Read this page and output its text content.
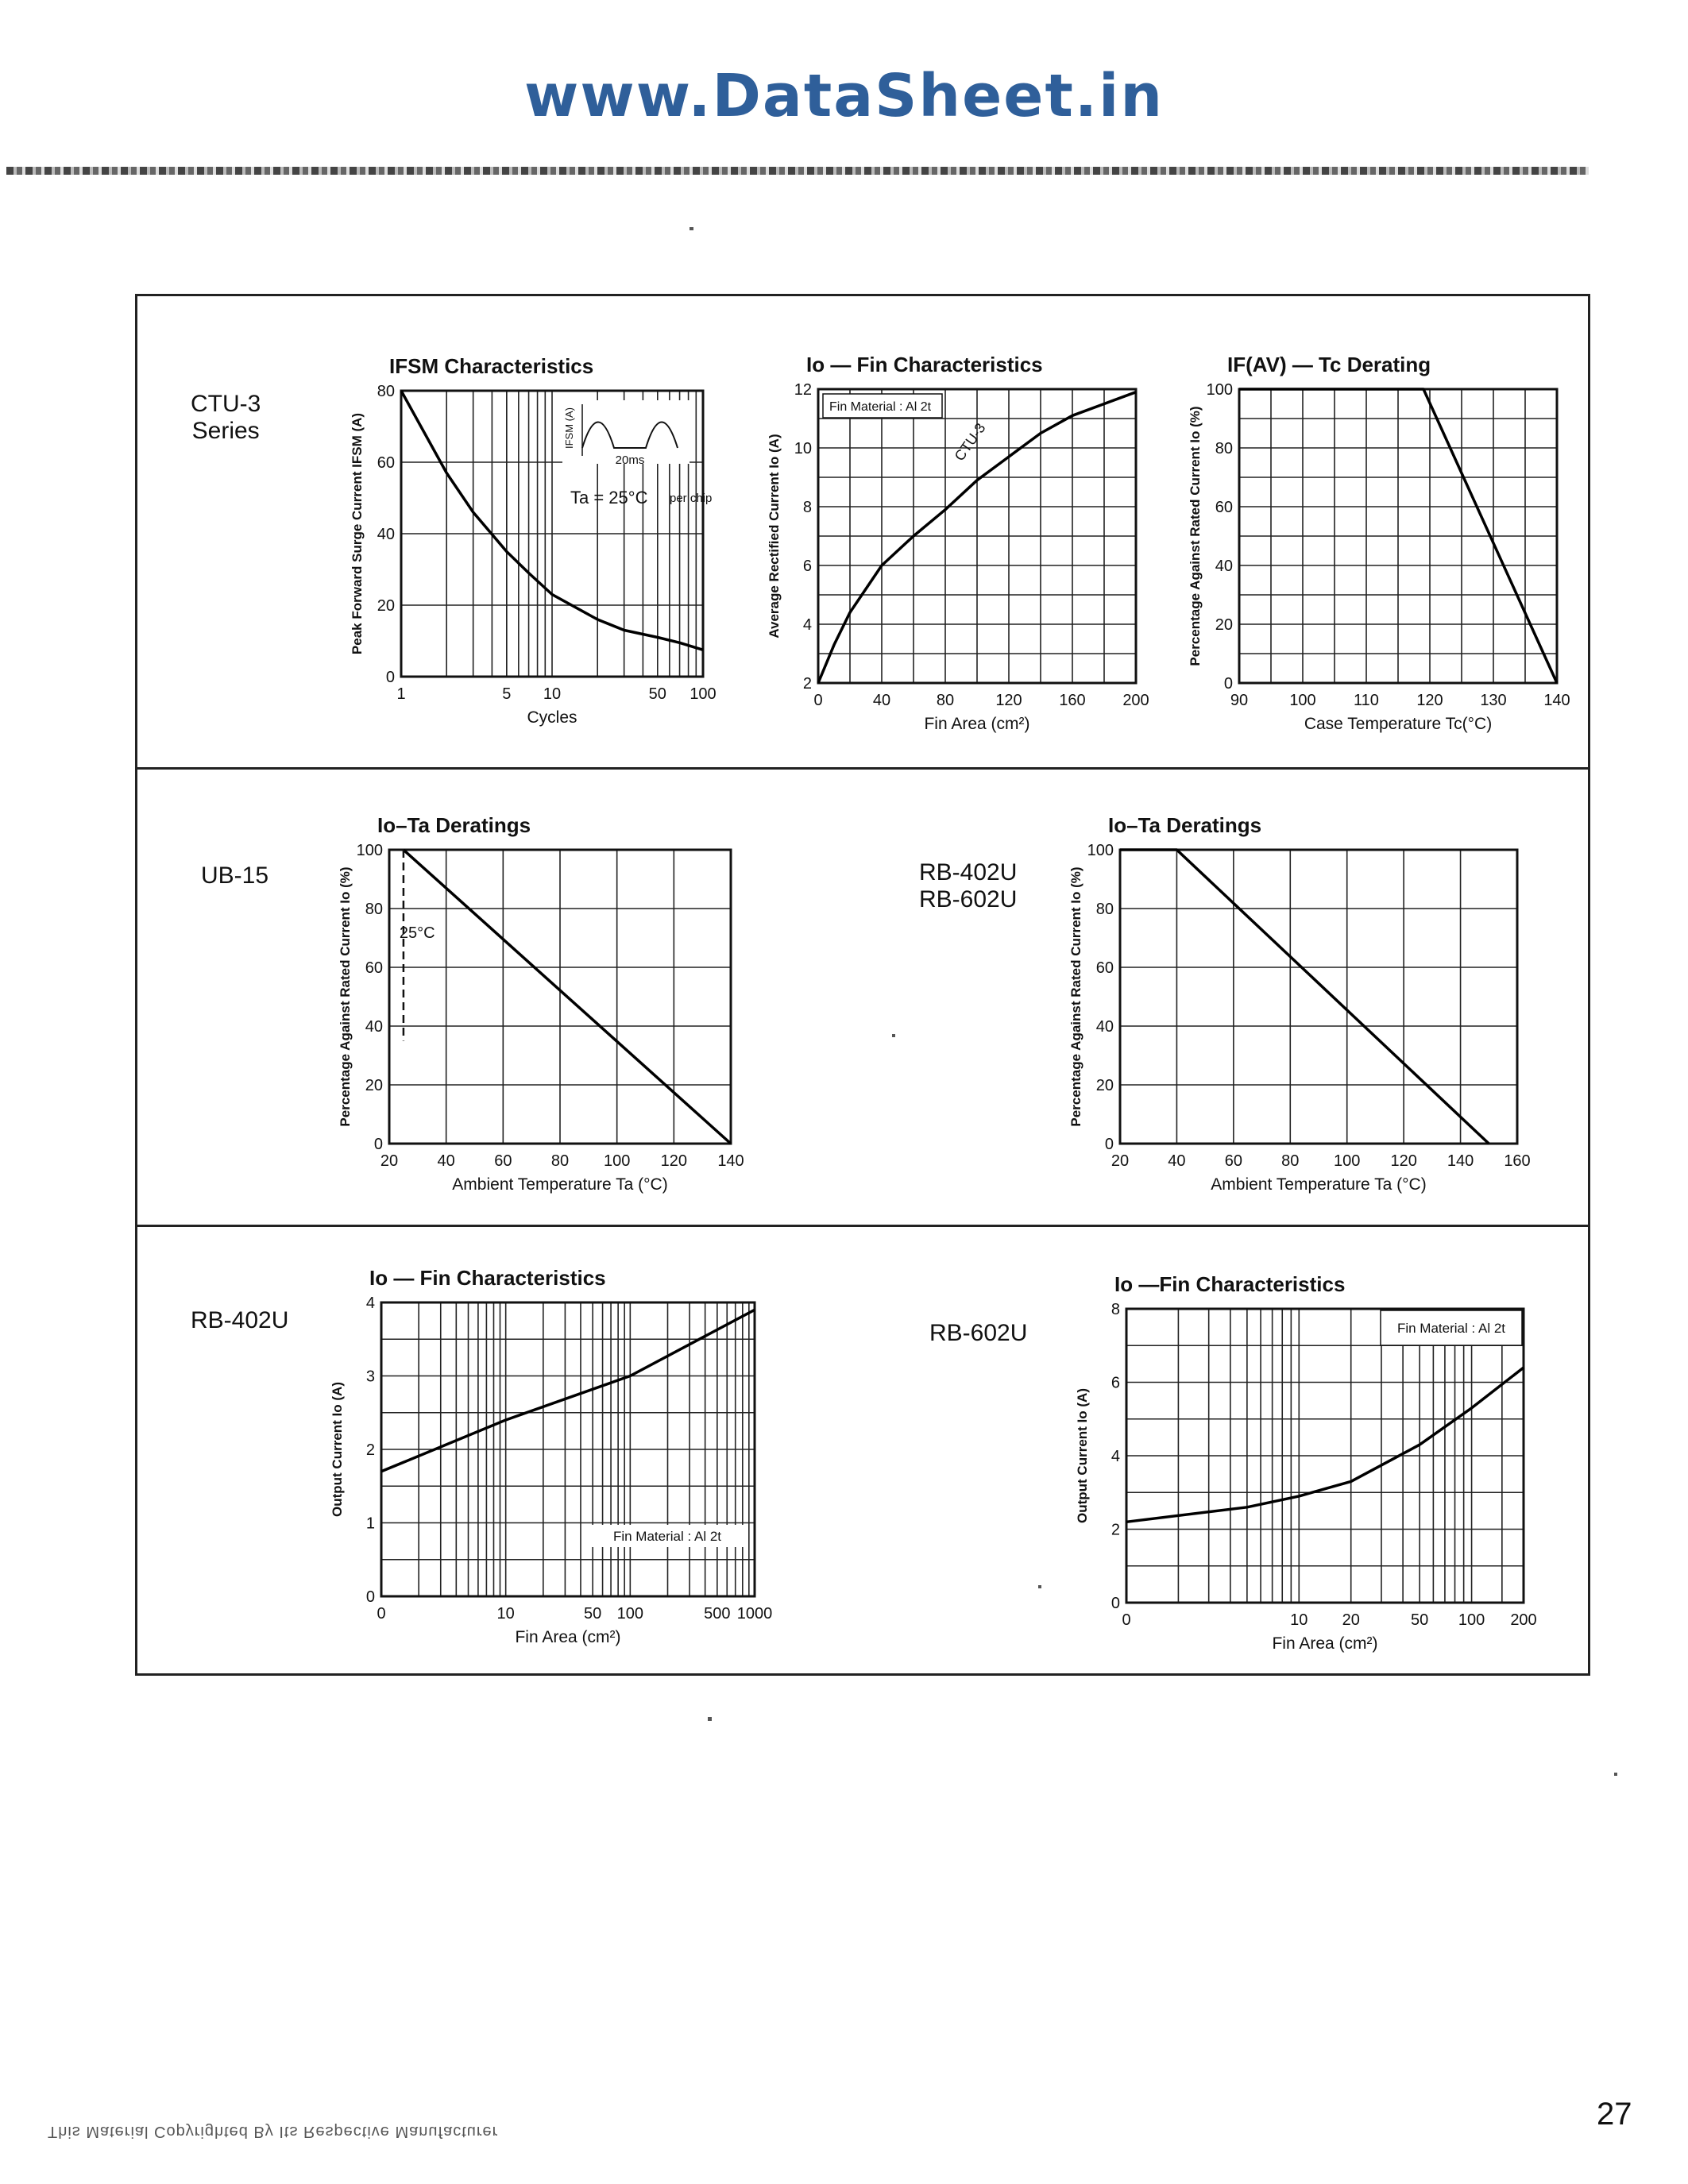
www.DataSheet.in
CTU-3
Series
UB-15	RB-402U
RB-602U
RB-402U	RB-602U
1	5 10	50 100
0
20
40
60
80
IFSM Characteristics
Cycles
Peak Forward Surge Current IFSM (A)	20ms
IFSM (A)
Ta = 25°C per chip
0	40	80	120 160 200
2
4
6
8
10
12
Io — Fin Characteristics
Fin Area (cm²)
Average Rectified Current Io (A)
Fin Material : Al 2t
CTU-3
90	100 110 120 130 140
0
20
40
60
80
100
IF(AV) — Tc Derating
Case Temperature Tc(°C)
Percentage Against Rated Current Io (%)
20 40 60 80 100 120 140
0
20
40
60
80
100
Io–Ta Deratings
Ambient Temperature Ta (°C)
Percentage Against Rated Current Io (%)	25°C
20 40 60 80 100 120 140 160
0
20
40
60
80
100
Io–Ta Deratings
Ambient Temperature Ta (°C)
Percentage Against Rated Current Io (%)
0	10	50 100	500 1000
0
1
2
3
4
Io — Fin Characteristics
Fin Area (cm²)
Output Current Io (A)
Fin Material : Al 2t
0	10 20	50 100 200
0
2
4
6
8
Io —Fin Characteristics
Fin Area (cm²)
Output Current Io (A)
Fin Material : Al 2t
27
This Material Copyrighted By Its Respective Manufacturer
